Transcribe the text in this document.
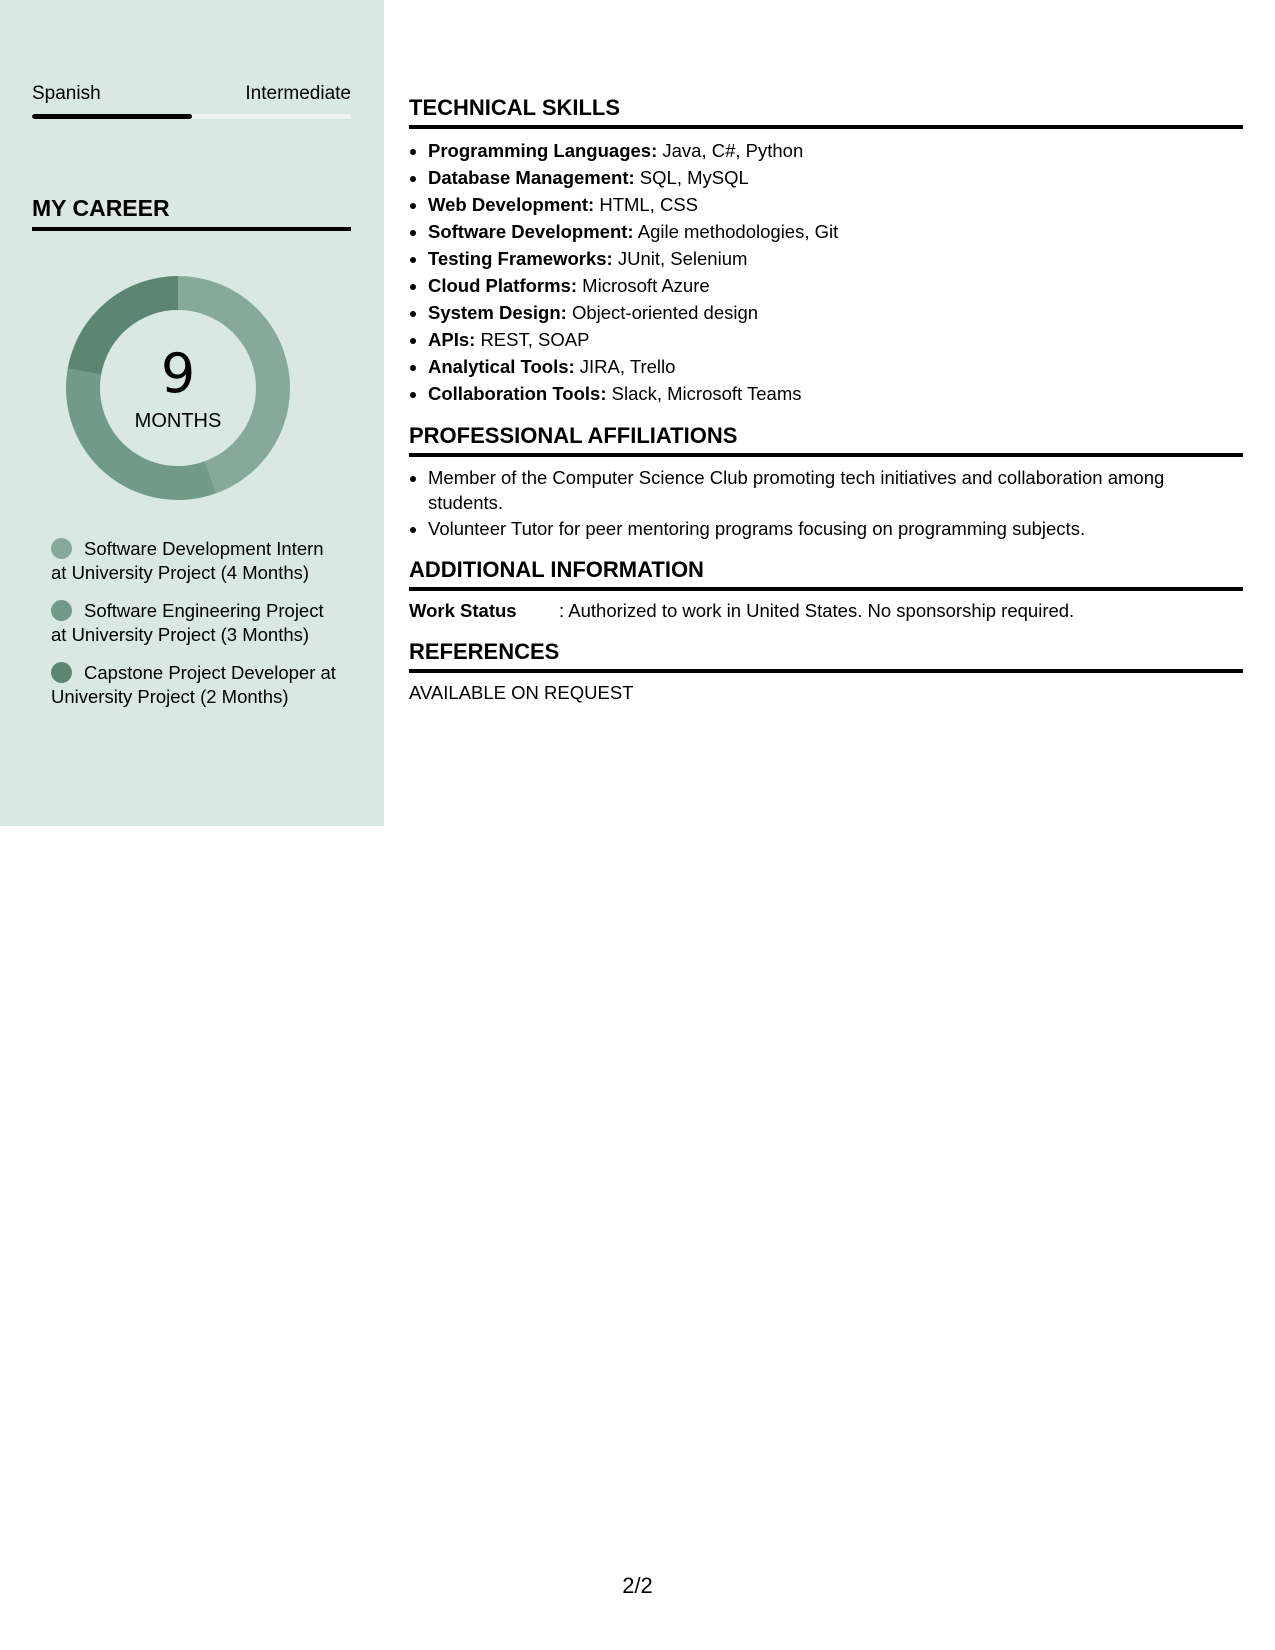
Spanish	Intermediate
MY CAREER
9
MONTHS
Software Development Intern at University Project (4 Months)
Software Engineering Project at University Project (3 Months)
Capstone Project Developer at University Project (2 Months)
TECHNICAL SKILLS
• Programming Languages: Java, C#, Python
• Database Management: SQL, MySQL
• Web Development: HTML, CSS
• Software Development: Agile methodologies, Git
• Testing Frameworks: JUnit, Selenium
• Cloud Platforms: Microsoft Azure
• System Design: Object-oriented design
• APIs: REST, SOAP
• Analytical Tools: JIRA, Trello
• Collaboration Tools: Slack, Microsoft Teams
PROFESSIONAL AFFILIATIONS
• Member of the Computer Science Club promoting tech initiatives and collaboration among students.
• Volunteer Tutor for peer mentoring programs focusing on programming subjects.
ADDITIONAL INFORMATION
Work Status : Authorized to work in United States. No sponsorship required.
REFERENCES
AVAILABLE ON REQUEST
2/2
